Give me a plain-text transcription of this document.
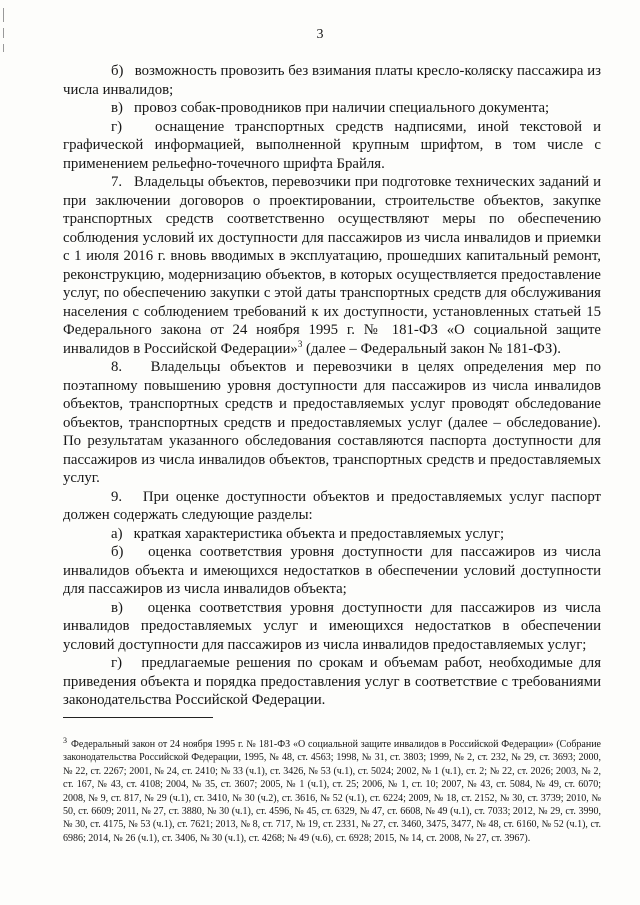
3

б)   возможность провозить без взимания платы кресло-коляску пассажира из числа инвалидов;

в)   провоз собак-проводников при наличии специального документа;

г)   оснащение транспортных средств надписями, иной текстовой и графической информацией, выполненной крупным шрифтом, в том числе с применением рельефно-точечного шрифта Брайля.

7.   Владельцы объектов, перевозчики при подготовке технических заданий и при заключении договоров о проектировании, строительстве объектов, закупке транспортных средств соответственно осуществляют меры по обеспечению соблюдения условий их доступности для пассажиров из числа инвалидов и приемки с 1 июля 2016 г. вновь вводимых в эксплуатацию, прошедших капитальный ремонт, реконструкцию, модернизацию объектов, в которых осуществляется предоставление услуг, по обеспечению закупки с этой даты транспортных средств для обслуживания населения с соблюдением требований к их доступности, установленных статьей 15 Федерального закона от 24 ноября 1995 г. № 181-ФЗ «О социальной защите инвалидов в Российской Федерации»$^3$ (далее – Федеральный закон № 181-ФЗ).

8.   Владельцы объектов и перевозчики в целях определения мер по поэтапному повышению уровня доступности для пассажиров из числа инвалидов объектов, транспортных средств и предоставляемых услуг проводят обследование объектов, транспортных средств и предоставляемых услуг (далее – обследование). По результатам указанного обследования составляются паспорта доступности для пассажиров из числа инвалидов объектов, транспортных средств и предоставляемых услуг.

9.   При оценке доступности объектов и предоставляемых услуг паспорт должен содержать следующие разделы:

а)   краткая характеристика объекта и предоставляемых услуг;

б)   оценка соответствия уровня доступности для пассажиров из числа инвалидов объекта и имеющихся недостатков в обеспечении условий доступности для пассажиров из числа инвалидов объекта;

в)   оценка соответствия уровня доступности для пассажиров из числа инвалидов предоставляемых услуг и имеющихся недостатков в обеспечении условий доступности для пассажиров из числа инвалидов предоставляемых услуг;

г)   предлагаемые решения по срокам и объемам работ, необходимые для приведения объекта и порядка предоставления услуг в соответствие с требованиями законодательства Российской Федерации.

$^3$ Федеральный закон от 24 ноября 1995 г. № 181-ФЗ «О социальной защите инвалидов в Российской Федерации» (Собрание законодательства Российской Федерации, 1995, № 48, ст. 4563; 1998, № 31, ст. 3803; 1999, № 2, ст. 232, № 29, ст. 3693; 2000, № 22, ст. 2267; 2001, № 24, ст. 2410; № 33 (ч.1), ст. 3426, № 53 (ч.1), ст. 5024; 2002, № 1 (ч.1), ст. 2; № 22, ст. 2026; 2003, № 2, ст. 167, № 43, ст. 4108; 2004, № 35, ст. 3607; 2005, № 1 (ч.1), ст. 25; 2006, № 1, ст. 10; 2007, № 43, ст. 5084, № 49, ст. 6070; 2008, № 9, ст. 817, № 29 (ч.1), ст. 3410, № 30 (ч.2), ст. 3616, № 52 (ч.1), ст. 6224; 2009, № 18, ст. 2152, № 30, ст. 3739; 2010, № 50, ст. 6609; 2011, № 27, ст. 3880, № 30 (ч.1), ст. 4596, № 45, ст. 6329, № 47, ст. 6608, № 49 (ч.1), ст. 7033; 2012, № 29, ст. 3990, № 30, ст. 4175, № 53 (ч.1), ст. 7621; 2013, № 8, ст. 717, № 19, ст. 2331, № 27, ст. 3460, 3475, 3477, № 48, ст. 6160, № 52 (ч.1), ст. 6986; 2014, № 26 (ч.1), ст. 3406, № 30 (ч.1), ст. 4268; № 49 (ч.6), ст. 6928; 2015, № 14, ст. 2008, № 27, ст. 3967).
